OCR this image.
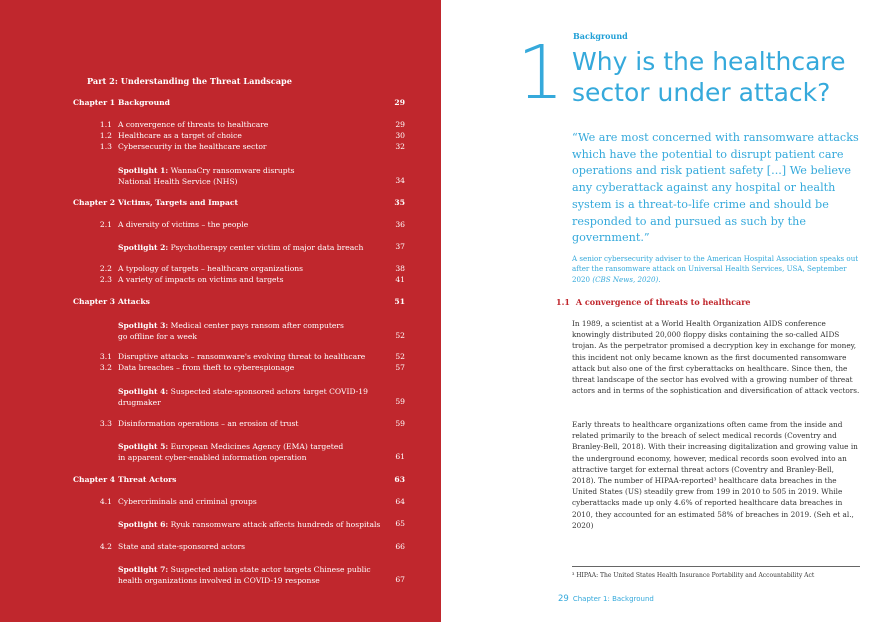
Part 2: Understanding the Threat Landscape
Chapter 1 Background	29
1.1 A convergence of threats to healthcare	29
1.2 Healthcare as a target of choice	30
1.3 Cybersecurity in the healthcare sector	32
Spotlight 1: WannaCry ransomware disrupts
National Health Service (NHS)	34
Chapter 2 Victims, Targets and Impact	35
2.1 A diversity of victims – the people	36
Spotlight 2: Psychotherapy center victim of major data breach	37
2.2 A typology of targets – healthcare organizations	38
2.3 A variety of impacts on victims and targets	41
Chapter 3 Attacks	51
Spotlight 3: Medical center pays ransom after computers
go offline for a week	52
3.1 Disruptive attacks – ransomware's evolving threat to healthcare	52
3.2 Data breaches – from theft to cyberespionage	57
Spotlight 4: Suspected state-sponsored actors target COVID-19
drugmaker	59
3.3 Disinformation operations – an erosion of trust	59
Spotlight 5: European Medicines Agency (EMA) targeted
in apparent cyber-enabled information operation	61
Chapter 4 Threat Actors	63
4.1 Cybercriminals and criminal groups	64
Spotlight 6: Ryuk ransomware attack affects hundreds of hospitals	65
4.2 State and state-sponsored actors	66
Spotlight 7: Suspected nation state actor targets Chinese public
health organizations involved in COVID-19 response	67
Background
1 Why is the healthcare sector under attack?
“We are most concerned with ransomware attacks which have the potential to disrupt patient care operations and risk patient safety [...] We believe any cyberattack against any hospital or health system is a threat-to-life crime and should be responded to and pursued as such by the government.”
A senior cybersecurity adviser to the American Hospital Association speaks out after the ransomware attack on Universal Health Services, USA, September 2020 (CBS News, 2020).
1.1 A convergence of threats to healthcare
In 1989, a scientist at a World Health Organization AIDS conference knowingly distributed 20,000 floppy disks containing the so-called AIDS trojan. As the perpetrator promised a decryption key in exchange for money, this incident not only became known as the first documented ransomware attack but also one of the first cyberattacks on healthcare. Since then, the threat landscape of the sector has evolved with a growing number of threat actors and in terms of the sophistication and diversification of attack vectors.
Early threats to healthcare organizations often came from the inside and related primarily to the breach of select medical records (Coventry and Branley-Bell, 2018). With their increasing digitalization and growing value in the underground economy, however, medical records soon evolved into an attractive target for external threat actors (Coventry and Branley-Bell, 2018). The number of HIPAA-reported³ healthcare data breaches in the United States (US) steadily grew from 199 in 2010 to 505 in 2019. While cyberattacks made up only 4.6% of reported healthcare data breaches in 2010, they accounted for an estimated 58% of breaches in 2019. (Seh et al., 2020)
³ HIPAA: The United States Health Insurance Portability and Accountability Act
29 Chapter 1: Background
